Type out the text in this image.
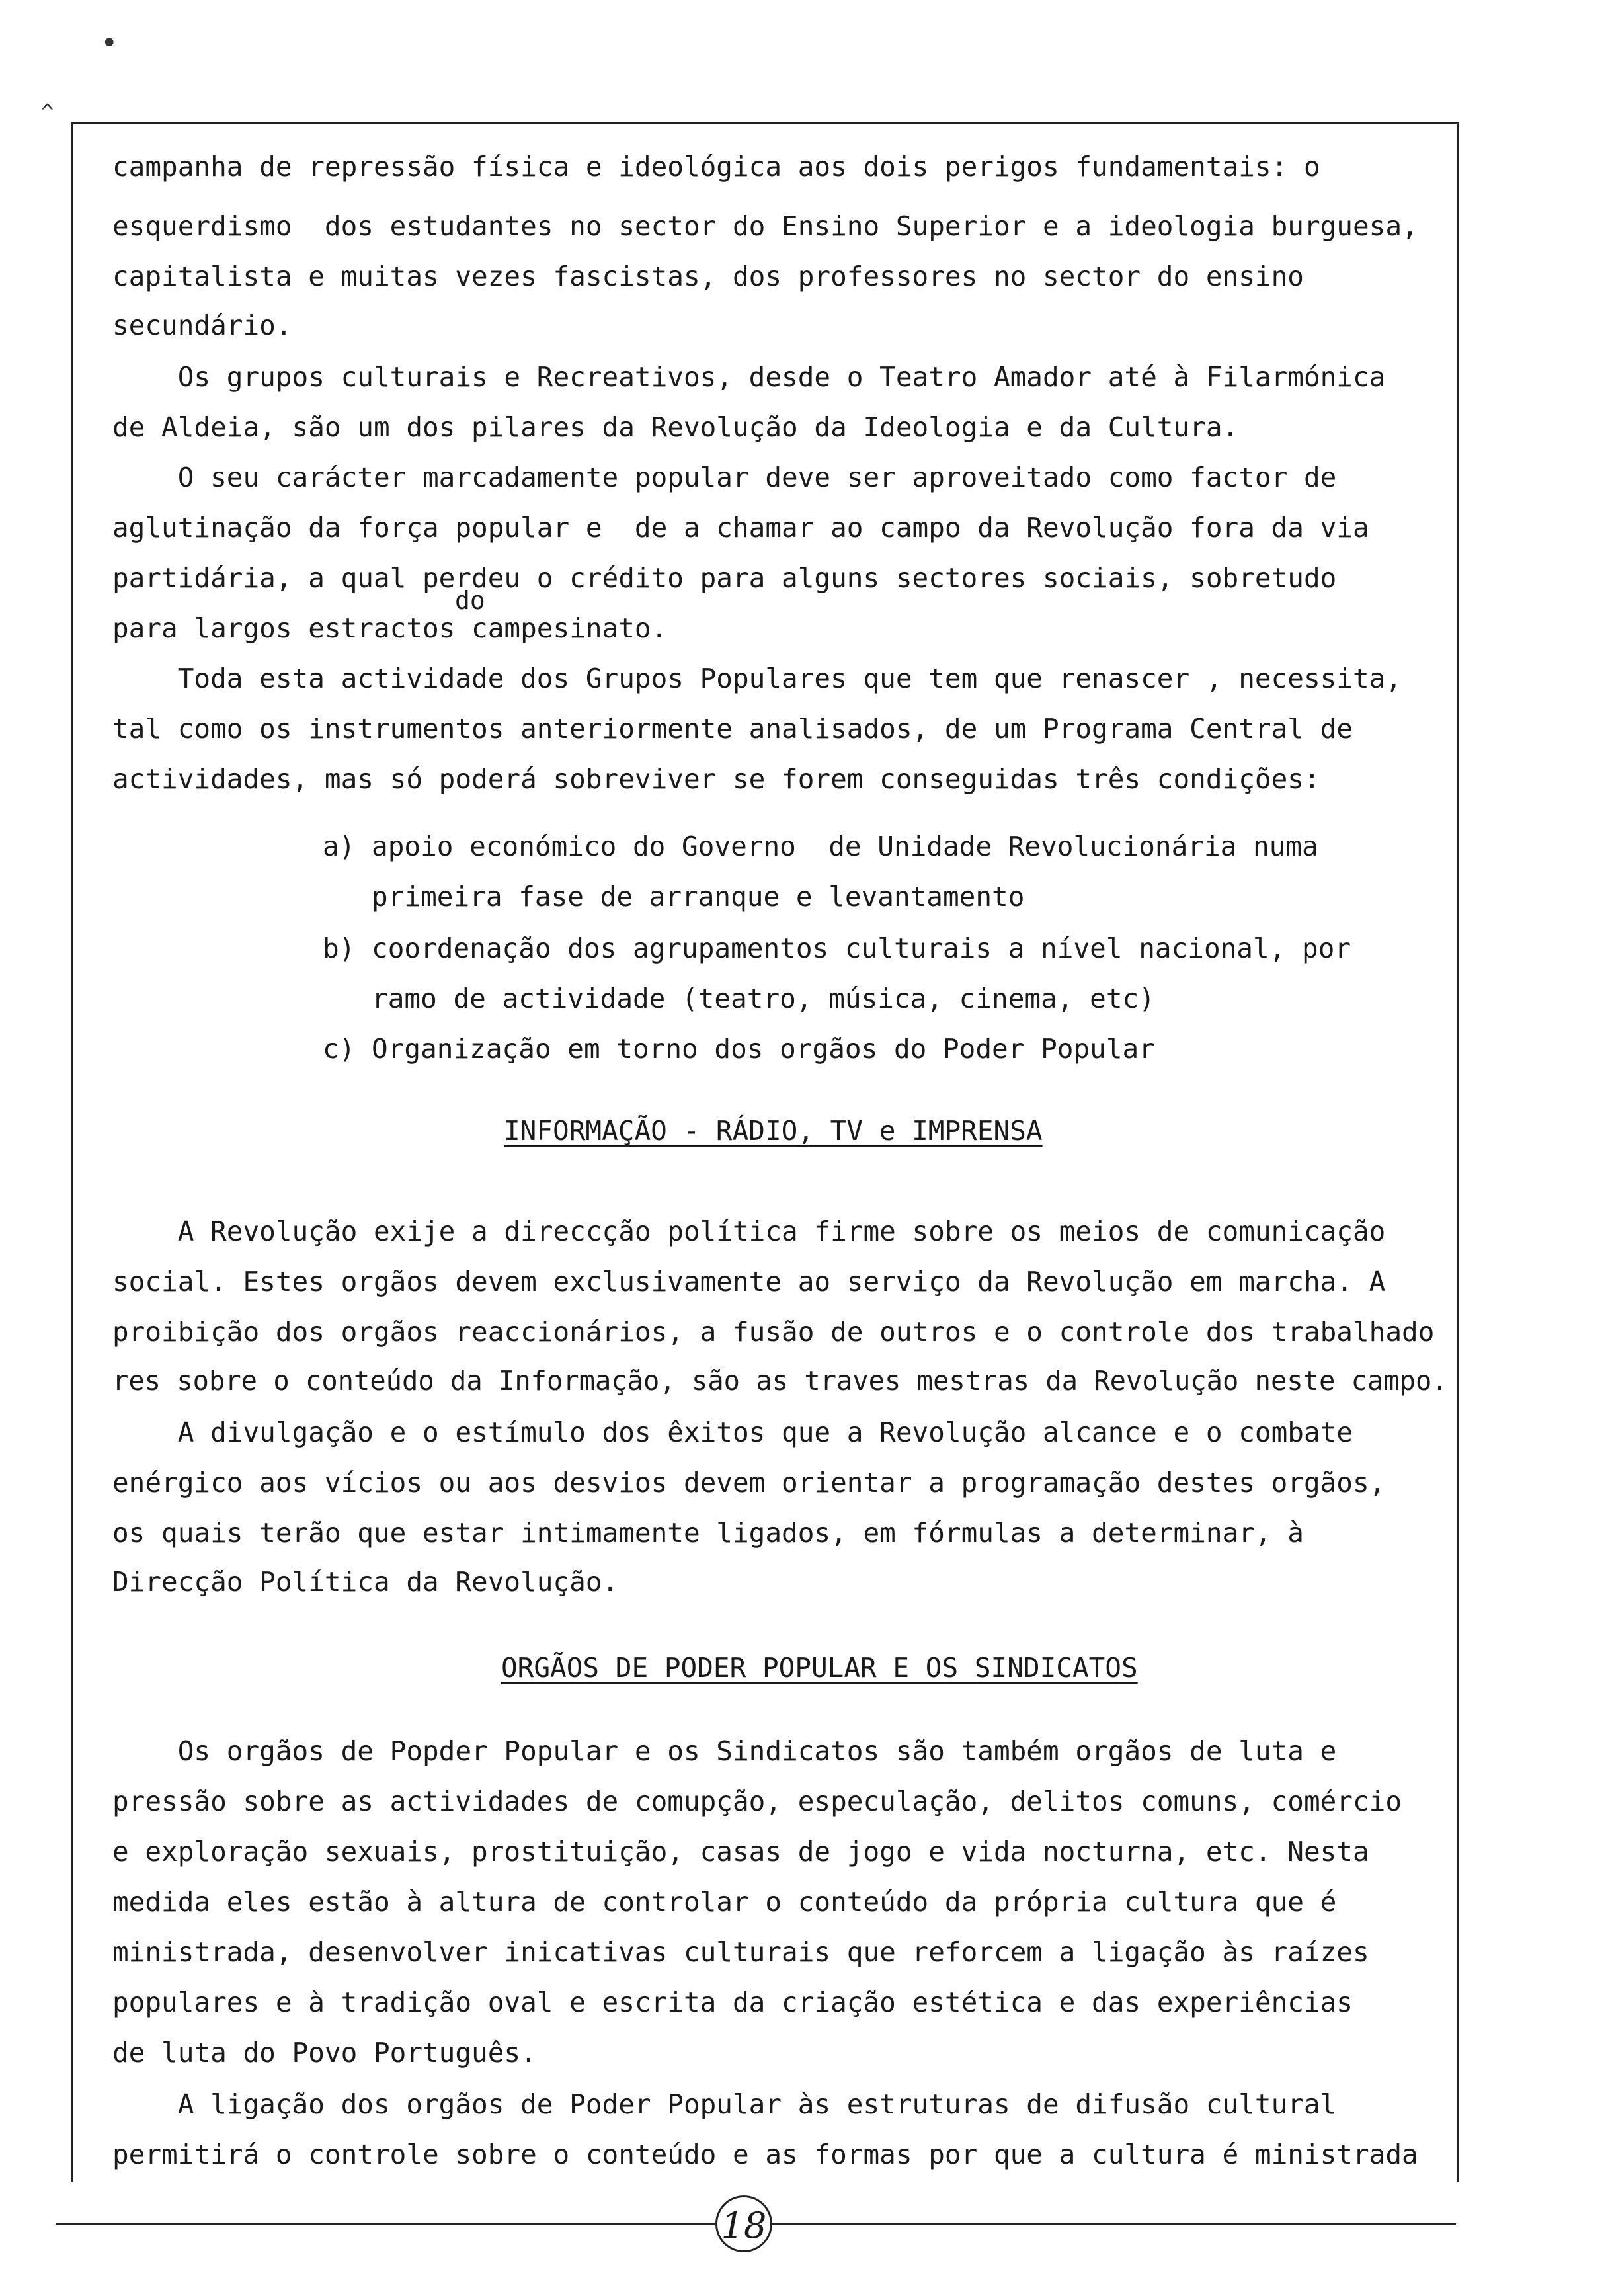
•
^
campanha de repressão física e ideológica aos dois perigos fundamentais: o
esquerdismo  dos estudantes no sector do Ensino Superior e a ideologia burguesa,
capitalista e muitas vezes fascistas, dos professores no sector do ensino
secundário.
Os grupos culturais e Recreativos, desde o Teatro Amador até à Filarmónica
de Aldeia, são um dos pilares da Revolução da Ideologia e da Cultura.
O seu carácter marcadamente popular deve ser aproveitado como factor de
aglutinação da força popular e  de a chamar ao campo da Revolução fora da via
partidária, a qual perdeu o crédito para alguns sectores sociais, sobretudo
do
para largos estractos campesinato.
Toda esta actividade dos Grupos Populares que tem que renascer , necessita,
tal como os instrumentos anteriormente analisados, de um Programa Central de
actividades, mas só poderá sobreviver se forem conseguidas três condições:
a) apoio económico do Governo  de Unidade Revolucionária numa
primeira fase de arranque e levantamento
b) coordenação dos agrupamentos culturais a nível nacional, por
ramo de actividade (teatro, música, cinema, etc)
c) Organização em torno dos orgãos do Poder Popular
INFORMAÇÃO - RÁDIO, TV e IMPRENSA
A Revolução exije a direccção política firme sobre os meios de comunicação
social. Estes orgãos devem exclusivamente ao serviço da Revolução em marcha. A
proibição dos orgãos reaccionários, a fusão de outros e o controle dos trabalhado
res sobre o conteúdo da Informação, são as traves mestras da Revolução neste campo.
A divulgação e o estímulo dos êxitos que a Revolução alcance e o combate
enérgico aos vícios ou aos desvios devem orientar a programação destes orgãos,
os quais terão que estar intimamente ligados, em fórmulas a determinar, à
Direcção Política da Revolução.
ORGÃOS DE PODER POPULAR E OS SINDICATOS
Os orgãos de Popder Popular e os Sindicatos são também orgãos de luta e
pressão sobre as actividades de comupção, especulação, delitos comuns, comércio
e exploração sexuais, prostituição, casas de jogo e vida nocturna, etc. Nesta
medida eles estão à altura de controlar o conteúdo da própria cultura que é
ministrada, desenvolver inicativas culturais que reforcem a ligação às raízes
populares e à tradição oval e escrita da criação estética e das experiências
de luta do Povo Português.
A ligação dos orgãos de Poder Popular às estruturas de difusão cultural
permitirá o controle sobre o conteúdo e as formas por que a cultura é ministrada
18
